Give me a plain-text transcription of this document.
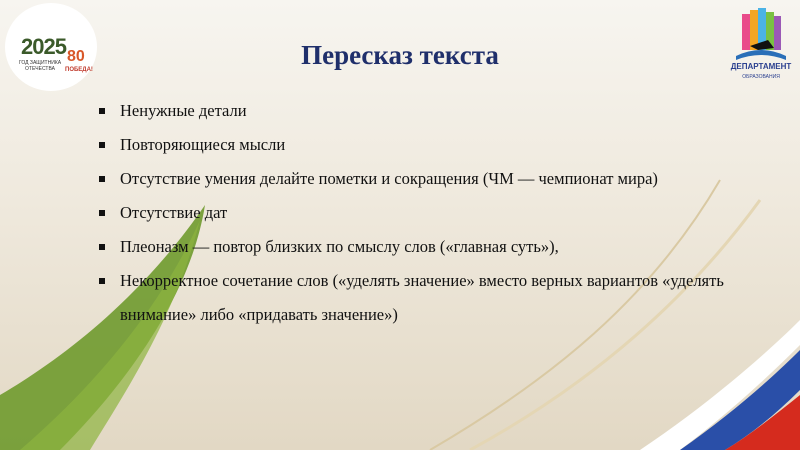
2025
ГОД ЗАЩИТНИКА ОТЕЧЕСТВА
80
ПОБЕДА!	ДЕПАРТАМЕНТ
ОБРАЗОВАНИЯ
Пересказ текста
Ненужные детали
Повторяющиеся мысли
Отсутствие умения делайте пометки и сокращения (ЧМ — чемпионат мира)
Отсутствие дат
Плеоназм — повтор близких по смыслу слов («главная суть»),
Некорректное сочетание слов («уделять значение» вместо верных вариантов «уделять внимание» либо «придавать значение»)
